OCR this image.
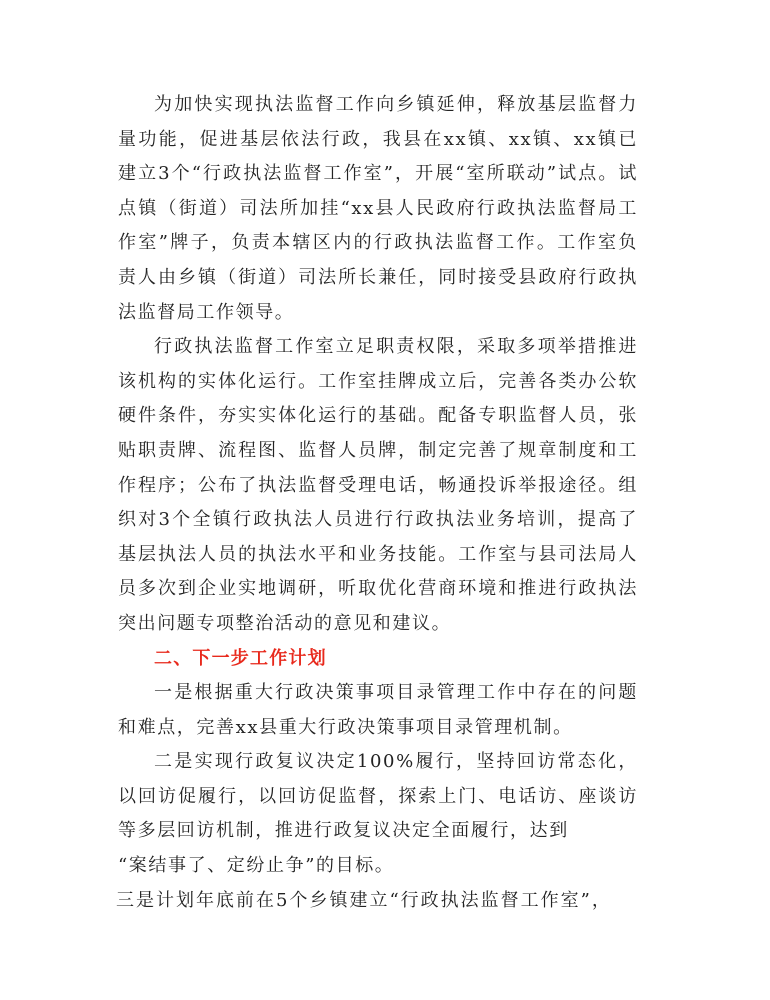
为加快实现执法监督工作向乡镇延伸，释放基层监督力量功能，促进基层依法行政，我县在xx镇、xx镇、xx镇已建立3个“行政执法监督工作室”，开展“室所联动”试点。试点镇（街道）司法所加挂“xx县人民政府行政执法监督局工作室”牌子，负责本辖区内的行政执法监督工作。工作室负责人由乡镇（街道）司法所长兼任，同时接受县政府行政执法监督局工作领导。

行政执法监督工作室立足职责权限，采取多项举措推进该机构的实体化运行。工作室挂牌成立后，完善各类办公软硬件条件，夯实实体化运行的基础。配备专职监督人员，张贴职责牌、流程图、监督人员牌，制定完善了规章制度和工作程序；公布了执法监督受理电话，畅通投诉举报途径。组织对3个全镇行政执法人员进行行政执法业务培训，提高了基层执法人员的执法水平和业务技能。工作室与县司法局人员多次到企业实地调研，听取优化营商环境和推进行政执法突出问题专项整治活动的意见和建议。

二、下一步工作计划

一是根据重大行政决策事项目录管理工作中存在的问题和难点，完善xx县重大行政决策事项目录管理机制。

二是实现行政复议决定100%履行，坚持回访常态化，以回访促履行，以回访促监督，探索上门、电话访、座谈访等多层回访机制，推进行政复议决定全面履行，达到

“案结事了、定纷止争”的目标。

三是计划年底前在5个乡镇建立“行政执法监督工作室”，
